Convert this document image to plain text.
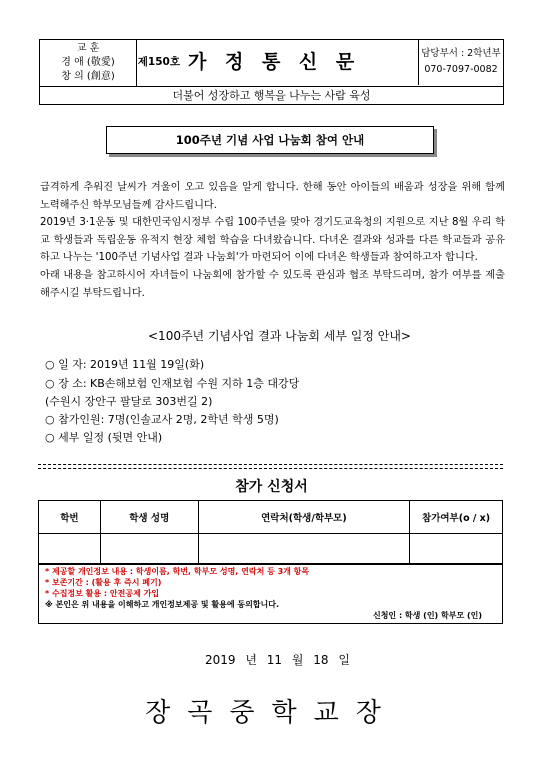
교 훈
경 애 (敬愛)
창 의 (創意)
제150호 가 정 통 신 문	담당부서 : 2학년부
070-7097-0082
더불어 성장하고 행복을 나누는 사람 육성
100주년 기념 사업 나눔회 참여 안내
급격하게 추워진 날씨가 겨울이 오고 있음을 알게 합니다. 한해 동안 아이들의 배움과 성장을 위해 함께 노력해주신 학부모님들께 감사드립니다.
2019년 3·1운동 및 대한민국임시정부 수립 100주년을 맞아 경기도교육청의 지원으로 지난 8월 우리 학교 학생들과 독립운동 유적지 현장 체험 학습을 다녀왔습니다. 다녀온 결과와 성과를 다른 학교들과 공유하고 나누는 '100주년 기념사업 결과 나눔회'가 마련되어 이에 다녀온 학생들과 참여하고자 합니다.
아래 내용을 참고하시어 자녀들이 나눔회에 참가할 수 있도록 관심과 협조 부탁드리며, 참가 여부를 제출해주시길 부탁드립니다.
<100주년 기념사업 결과 나눔회 세부 일정 안내>
○ 일 자: 2019년 11월 19일(화)
○ 장 소: KB손해보험 인재보험 수원 지하 1층 대강당
(수원시 장안구 팔달로 303번길 2)
○ 참가인원: 7명(인솔교사 2명, 2학년 학생 5명)
○ 세부 일정 (뒷면 안내)
참가 신청서
학번	학생 성명	연락처(학생/학부모)	참가여부(o / x)

* 제공할 개인정보 내용 : 학생이름, 학번, 학부모 성명, 연락처 등 3개 항목
* 보존기간 : (활용 후 즉시 폐기)
* 수집정보 활용 : 안전공제 가입
※ 본인은 위 내용을 이해하고 개인정보제공 및 활용에 동의합니다.
신청인 : 학생 (인) 학부모 (인)
2019 년 11 월 18 일
장곡중학교장
